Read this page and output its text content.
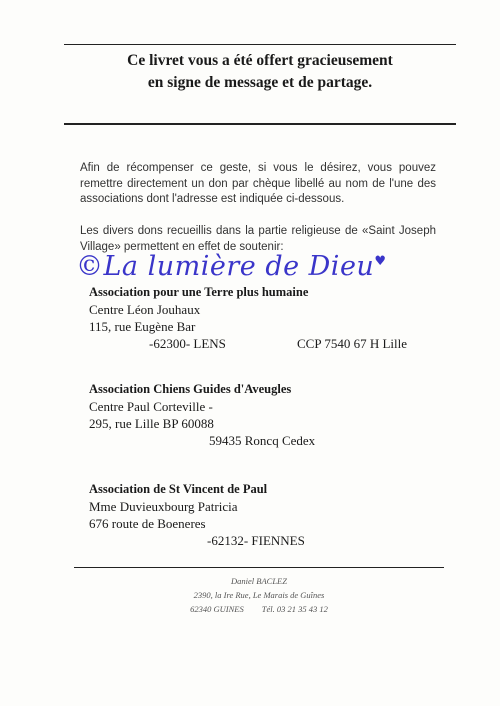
Ce livret vous a été offert gracieusement
en signe de message et de partage.
Afin de récompenser ce geste, si vous le désirez, vous pouvez remettre directement un don par chèque libellé au nom de l'une des associations dont l'adresse est indiquée ci-dessous.
Les divers dons recueillis dans la partie religieuse de «Saint Joseph Village» permettent en effet de soutenir:
©La lumière de Dieu♥
Association pour une Terre plus humaine
Centre Léon Jouhaux
115, rue Eugène Bar
-62300- LENS	CCP 7540 67 H Lille
Association Chiens Guides d'Aveugles
Centre Paul Corteville -
295, rue Lille BP 60088
59435 Roncq Cedex
Association de St Vincent de Paul
Mme Duvieuxbourg Patricia
676 route de Boeneres
-62132- FIENNES
Daniel BACLEZ
2390, la Ire Rue, Le Marais de Guînes
62340 GUINES Tél. 03 21 35 43 12
